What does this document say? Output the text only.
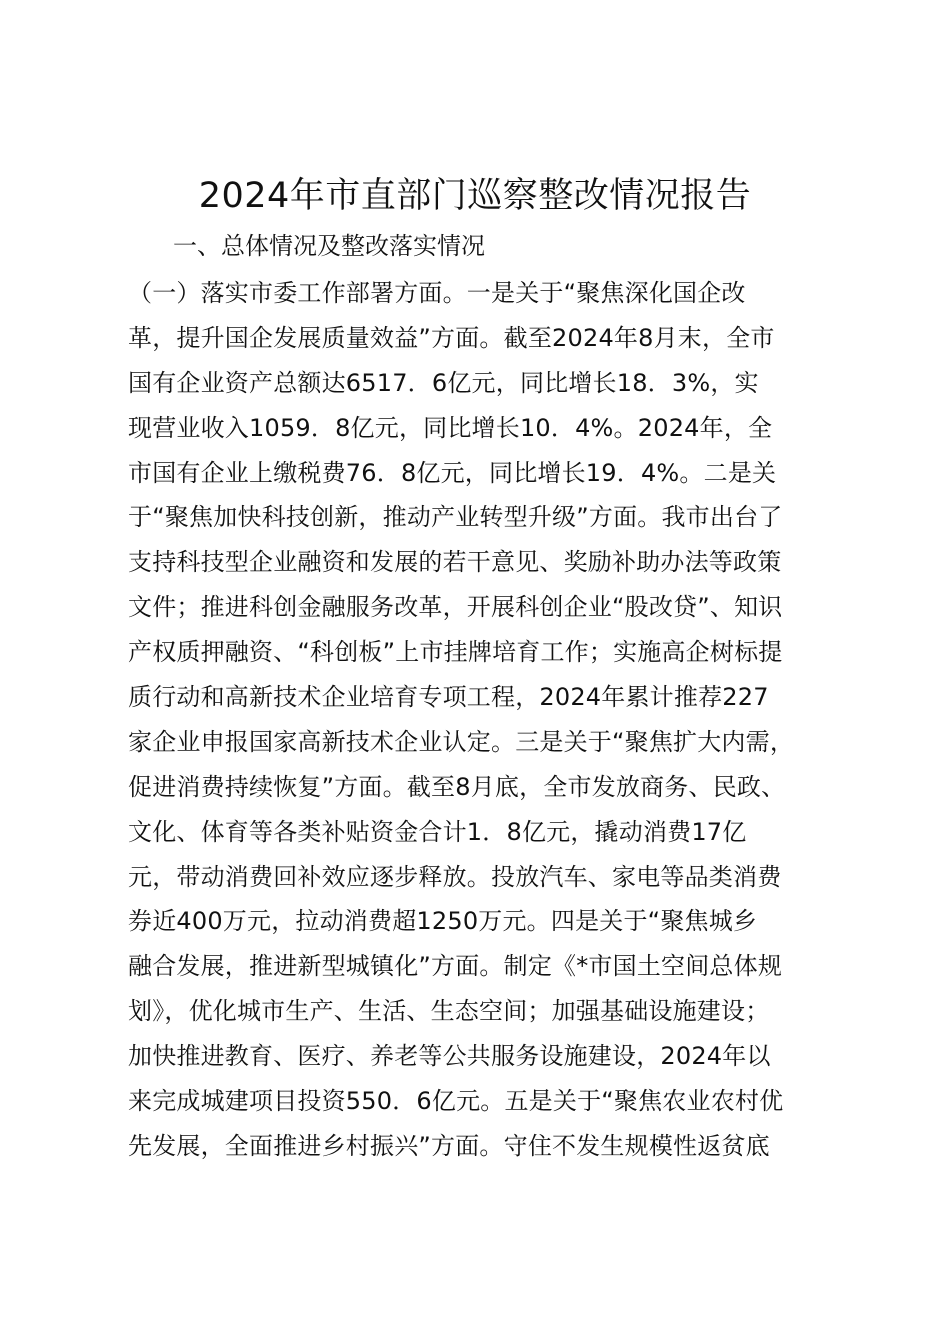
2024年市直部门巡察整改情况报告
一、总体情况及整改落实情况
（一）落实市委工作部署方面。一是关于“聚焦深化国企改
革，提升国企发展质量效益”方面。截至2024年8月末，全市
国有企业资产总额达6517．6亿元，同比增长18．3%，实
现营业收入1059．8亿元，同比增长10．4%。2024年，全
市国有企业上缴税费76．8亿元，同比增长19．4%。二是关
于“聚焦加快科技创新，推动产业转型升级”方面。我市出台了
支持科技型企业融资和发展的若干意见、奖励补助办法等政策
文件；推进科创金融服务改革，开展科创企业“股改贷”、知识
产权质押融资、“科创板”上市挂牌培育工作；实施高企树标提
质行动和高新技术企业培育专项工程，2024年累计推荐227
家企业申报国家高新技术企业认定。三是关于“聚焦扩大内需，
促进消费持续恢复”方面。截至8月底，全市发放商务、民政、
文化、体育等各类补贴资金合计1．8亿元，撬动消费17亿
元，带动消费回补效应逐步释放。投放汽车、家电等品类消费
券近400万元，拉动消费超1250万元。四是关于“聚焦城乡
融合发展，推进新型城镇化”方面。制定《*市国土空间总体规
划》，优化城市生产、生活、生态空间；加强基础设施建设；
加快推进教育、医疗、养老等公共服务设施建设，2024年以
来完成城建项目投资550．6亿元。五是关于“聚焦农业农村优
先发展，全面推进乡村振兴”方面。守住不发生规模性返贫底
